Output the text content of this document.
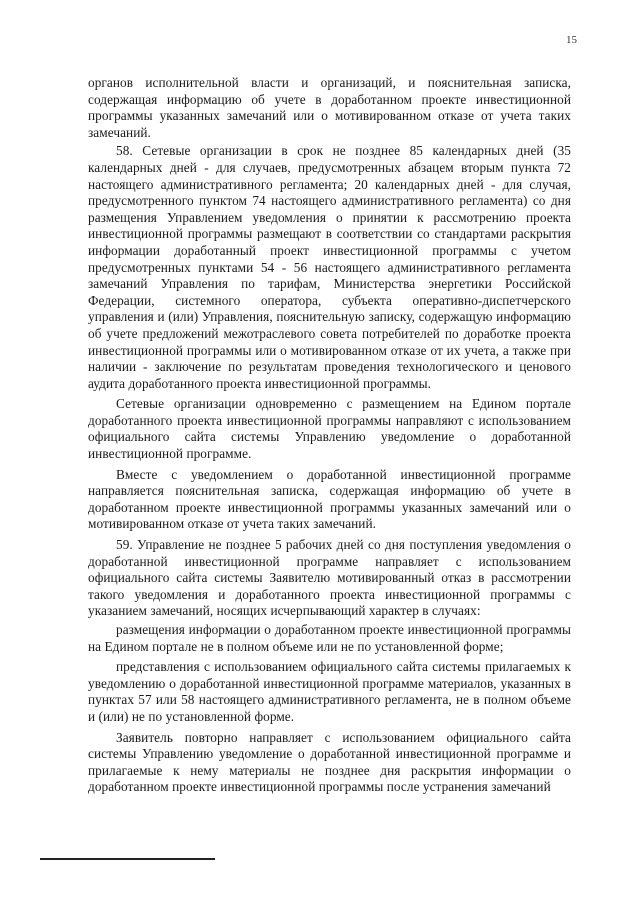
15

органов исполнительной власти и организаций, и пояснительная записка, содержащая информацию об учете в доработанном проекте инвестиционной программы указанных замечаний или о мотивированном отказе от учета таких замечаний.

58. Сетевые организации в срок не позднее 85 календарных дней (35 календарных дней - для случаев, предусмотренных абзацем вторым пункта 72 настоящего административного регламента; 20 календарных дней - для случая, предусмотренного пунктом 74 настоящего административного регламента) со дня размещения Управлением уведомления о принятии к рассмотрению проекта инвестиционной программы размещают в соответствии со стандартами раскрытия информации доработанный проект инвестиционной программы с учетом предусмотренных пунктами 54 - 56 настоящего административного регламента замечаний Управления по тарифам, Министерства энергетики Российской Федерации, системного оператора, субъекта оперативно-диспетчерского управления и (или) Управления, пояснительную записку, содержащую информацию об учете предложений межотраслевого совета потребителей по доработке проекта инвестиционной программы или о мотивированном отказе от их учета, а также при наличии - заключение по результатам проведения технологического и ценового аудита доработанного проекта инвестиционной программы.

Сетевые организации одновременно с размещением на Едином портале доработанного проекта инвестиционной программы направляют с использованием официального сайта системы Управлению уведомление о доработанной инвестиционной программе.

Вместе с уведомлением о доработанной инвестиционной программе направляется пояснительная записка, содержащая информацию об учете в доработанном проекте инвестиционной программы указанных замечаний или о мотивированном отказе от учета таких замечаний.

59. Управление не позднее 5 рабочих дней со дня поступления уведомления о доработанной инвестиционной программе направляет с использованием официального сайта системы Заявителю мотивированный отказ в рассмотрении такого уведомления и доработанного проекта инвестиционной программы с указанием замечаний, носящих исчерпывающий характер в случаях:

размещения информации о доработанном проекте инвестиционной программы на Едином портале не в полном объеме или не по установленной форме;

представления с использованием официального сайта системы прилагаемых к уведомлению о доработанной инвестиционной программе материалов, указанных в пунктах 57 или 58 настоящего административного регламента, не в полном объеме и (или) не по установленной форме.

Заявитель повторно направляет с использованием официального сайта системы Управлению уведомление о доработанной инвестиционной программе и прилагаемые к нему материалы не позднее дня раскрытия информации о доработанном проекте инвестиционной программы после устранения замечаний
